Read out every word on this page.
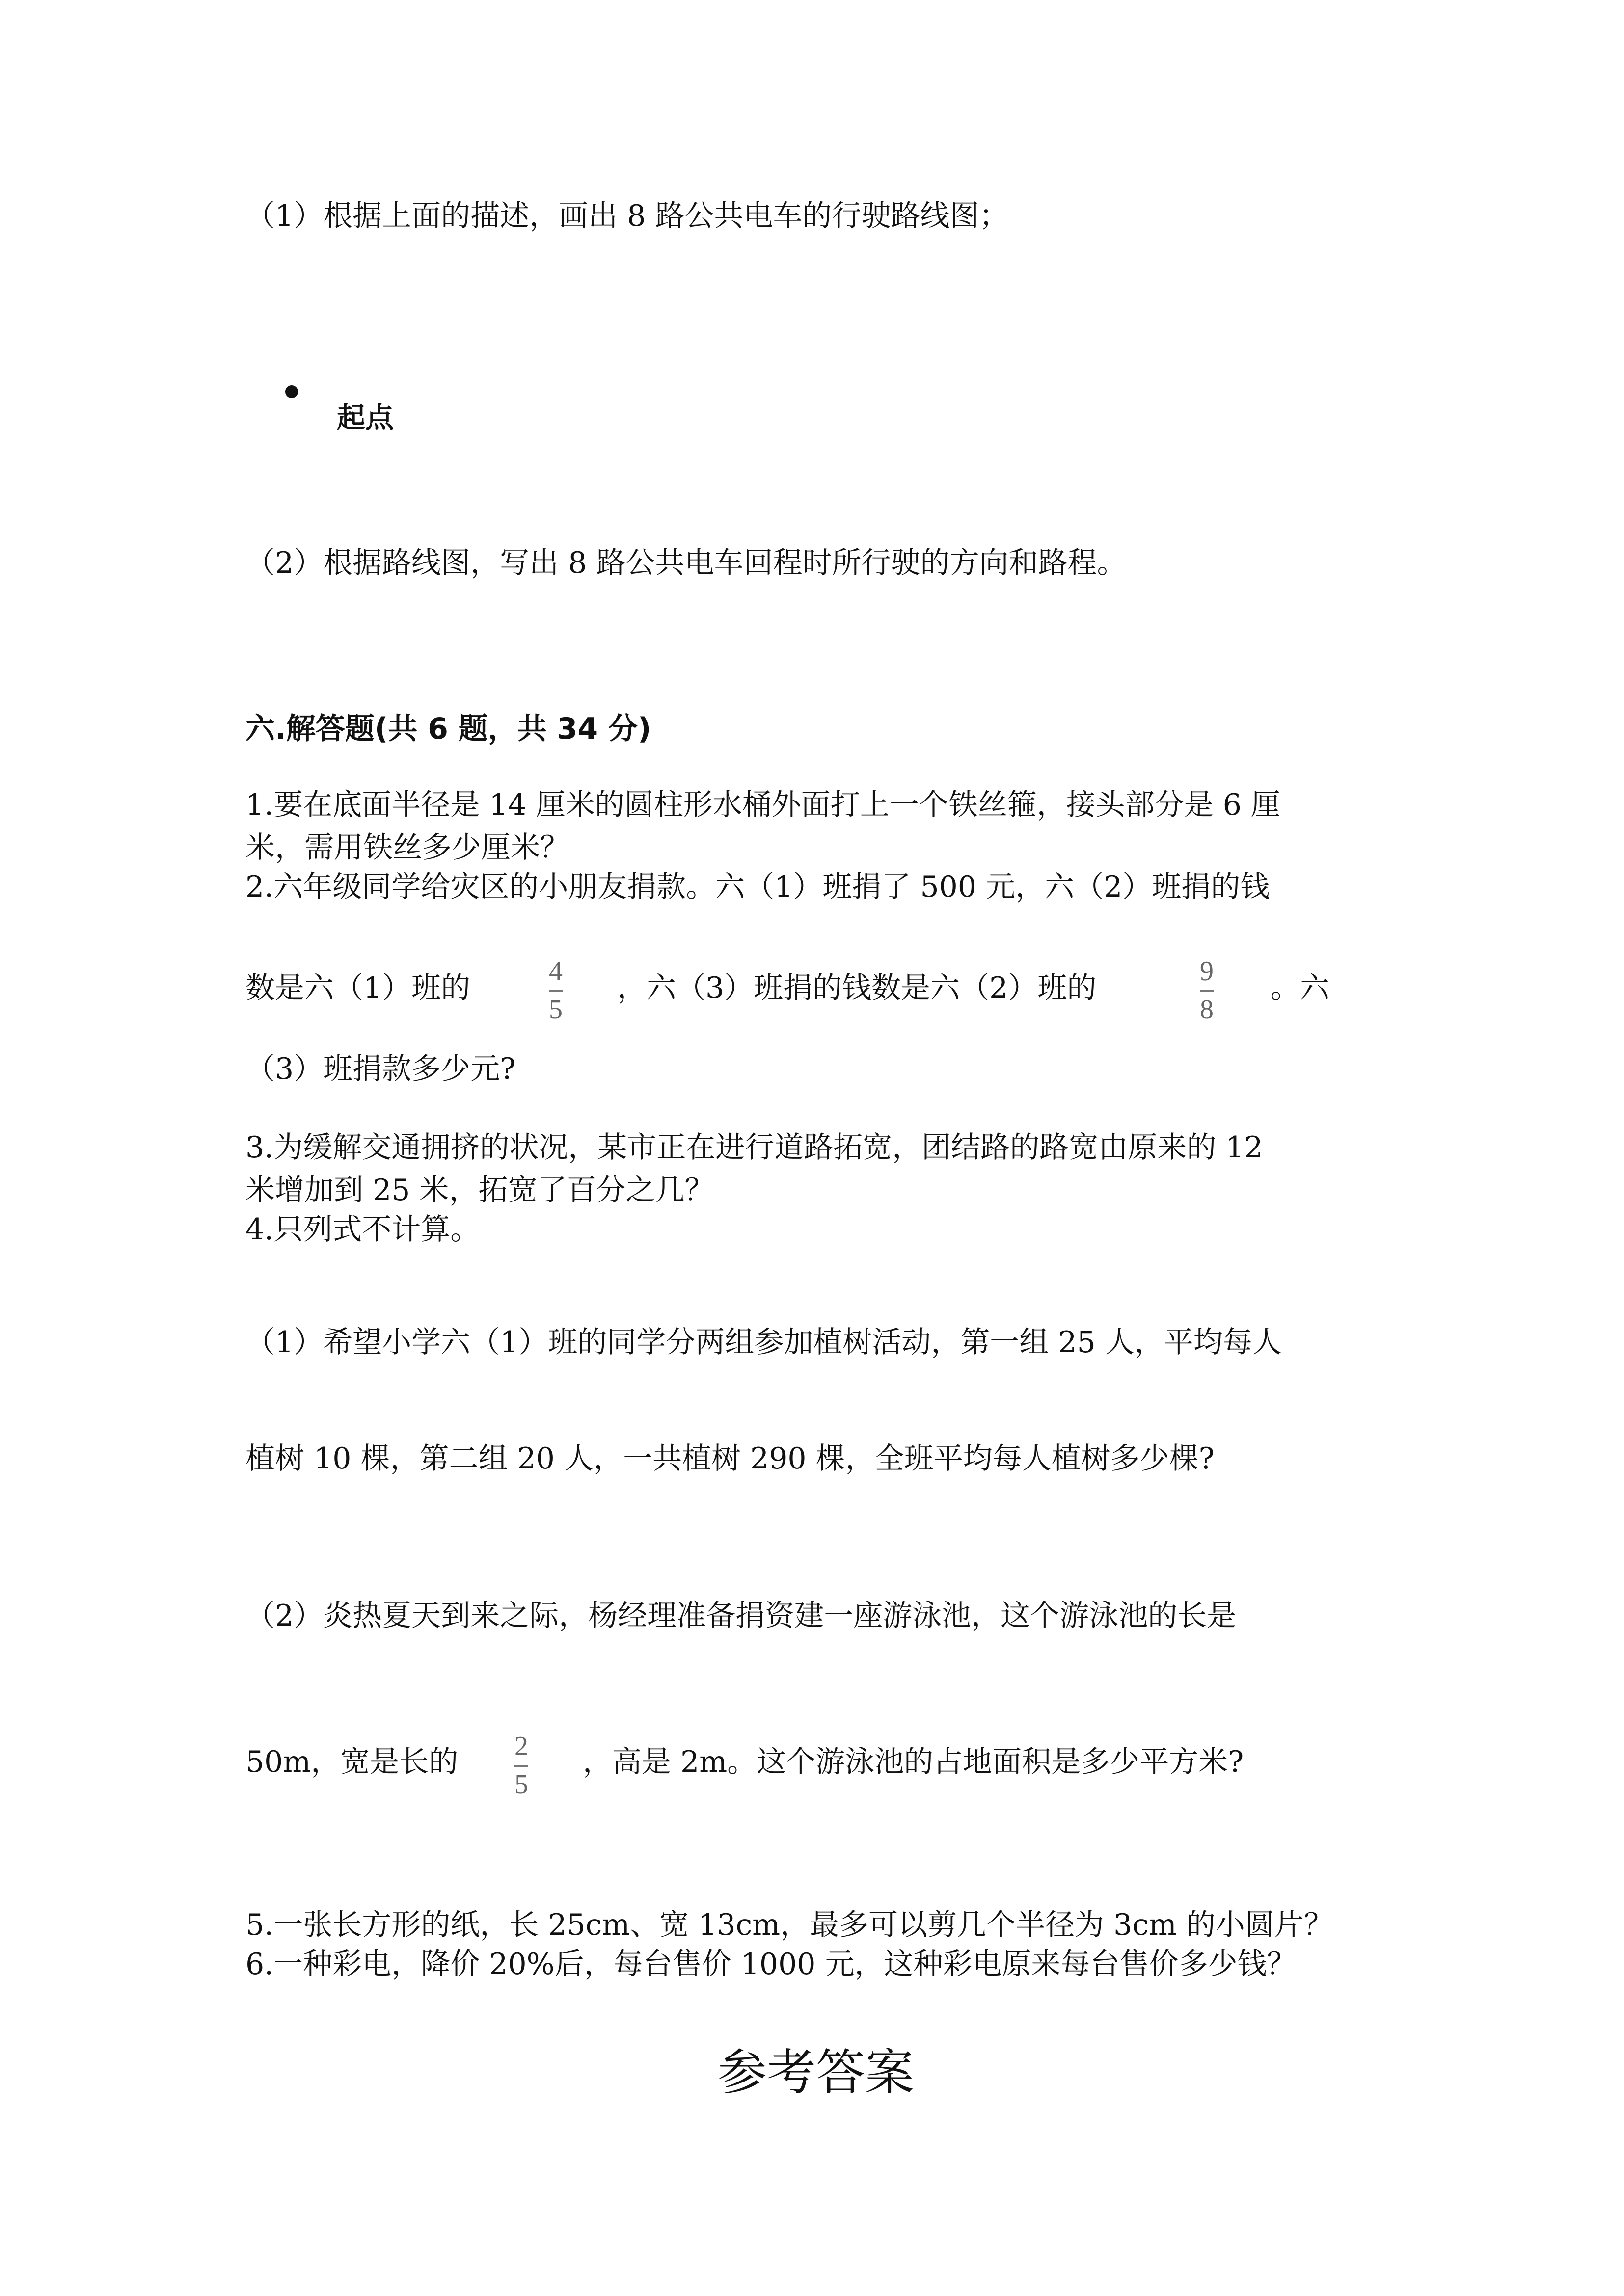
（1）根据上面的描述，画出 8 路公共电车的行驶路线图；
起点
（2）根据路线图，写出 8 路公共电车回程时所行驶的方向和路程。
六.解答题(共 6 题，共 34 分)
1.要在底面半径是 14 厘米的圆柱形水桶外面打上一个铁丝箍，接头部分是 6 厘
米，需用铁丝多少厘米？
2.六年级同学给灾区的小朋友捐款。六（1）班捐了 500 元，六（2）班捐的钱
数是六（1）班的	4
5
，六（3）班捐的钱数是六（2）班的	9
8
。六
（3）班捐款多少元?
3.为缓解交通拥挤的状况，某市正在进行道路拓宽，团结路的路宽由原来的 12
米增加到 25 米，拓宽了百分之几？
4.只列式不计算。
（1）希望小学六（1）班的同学分两组参加植树活动，第一组 25 人，平均每人
植树 10 棵，第二组 20 人，一共植树 290 棵，全班平均每人植树多少棵?
（2）炎热夏天到来之际，杨经理准备捐资建一座游泳池，这个游泳池的长是
50m，宽是长的 2
5
，高是 2m。这个游泳池的占地面积是多少平方米?
5.一张长方形的纸，长 25cm、宽 13cm，最多可以剪几个半径为 3cm 的小圆片？
6.一种彩电，降价 20%后，每台售价 1000 元，这种彩电原来每台售价多少钱？
参考答案
